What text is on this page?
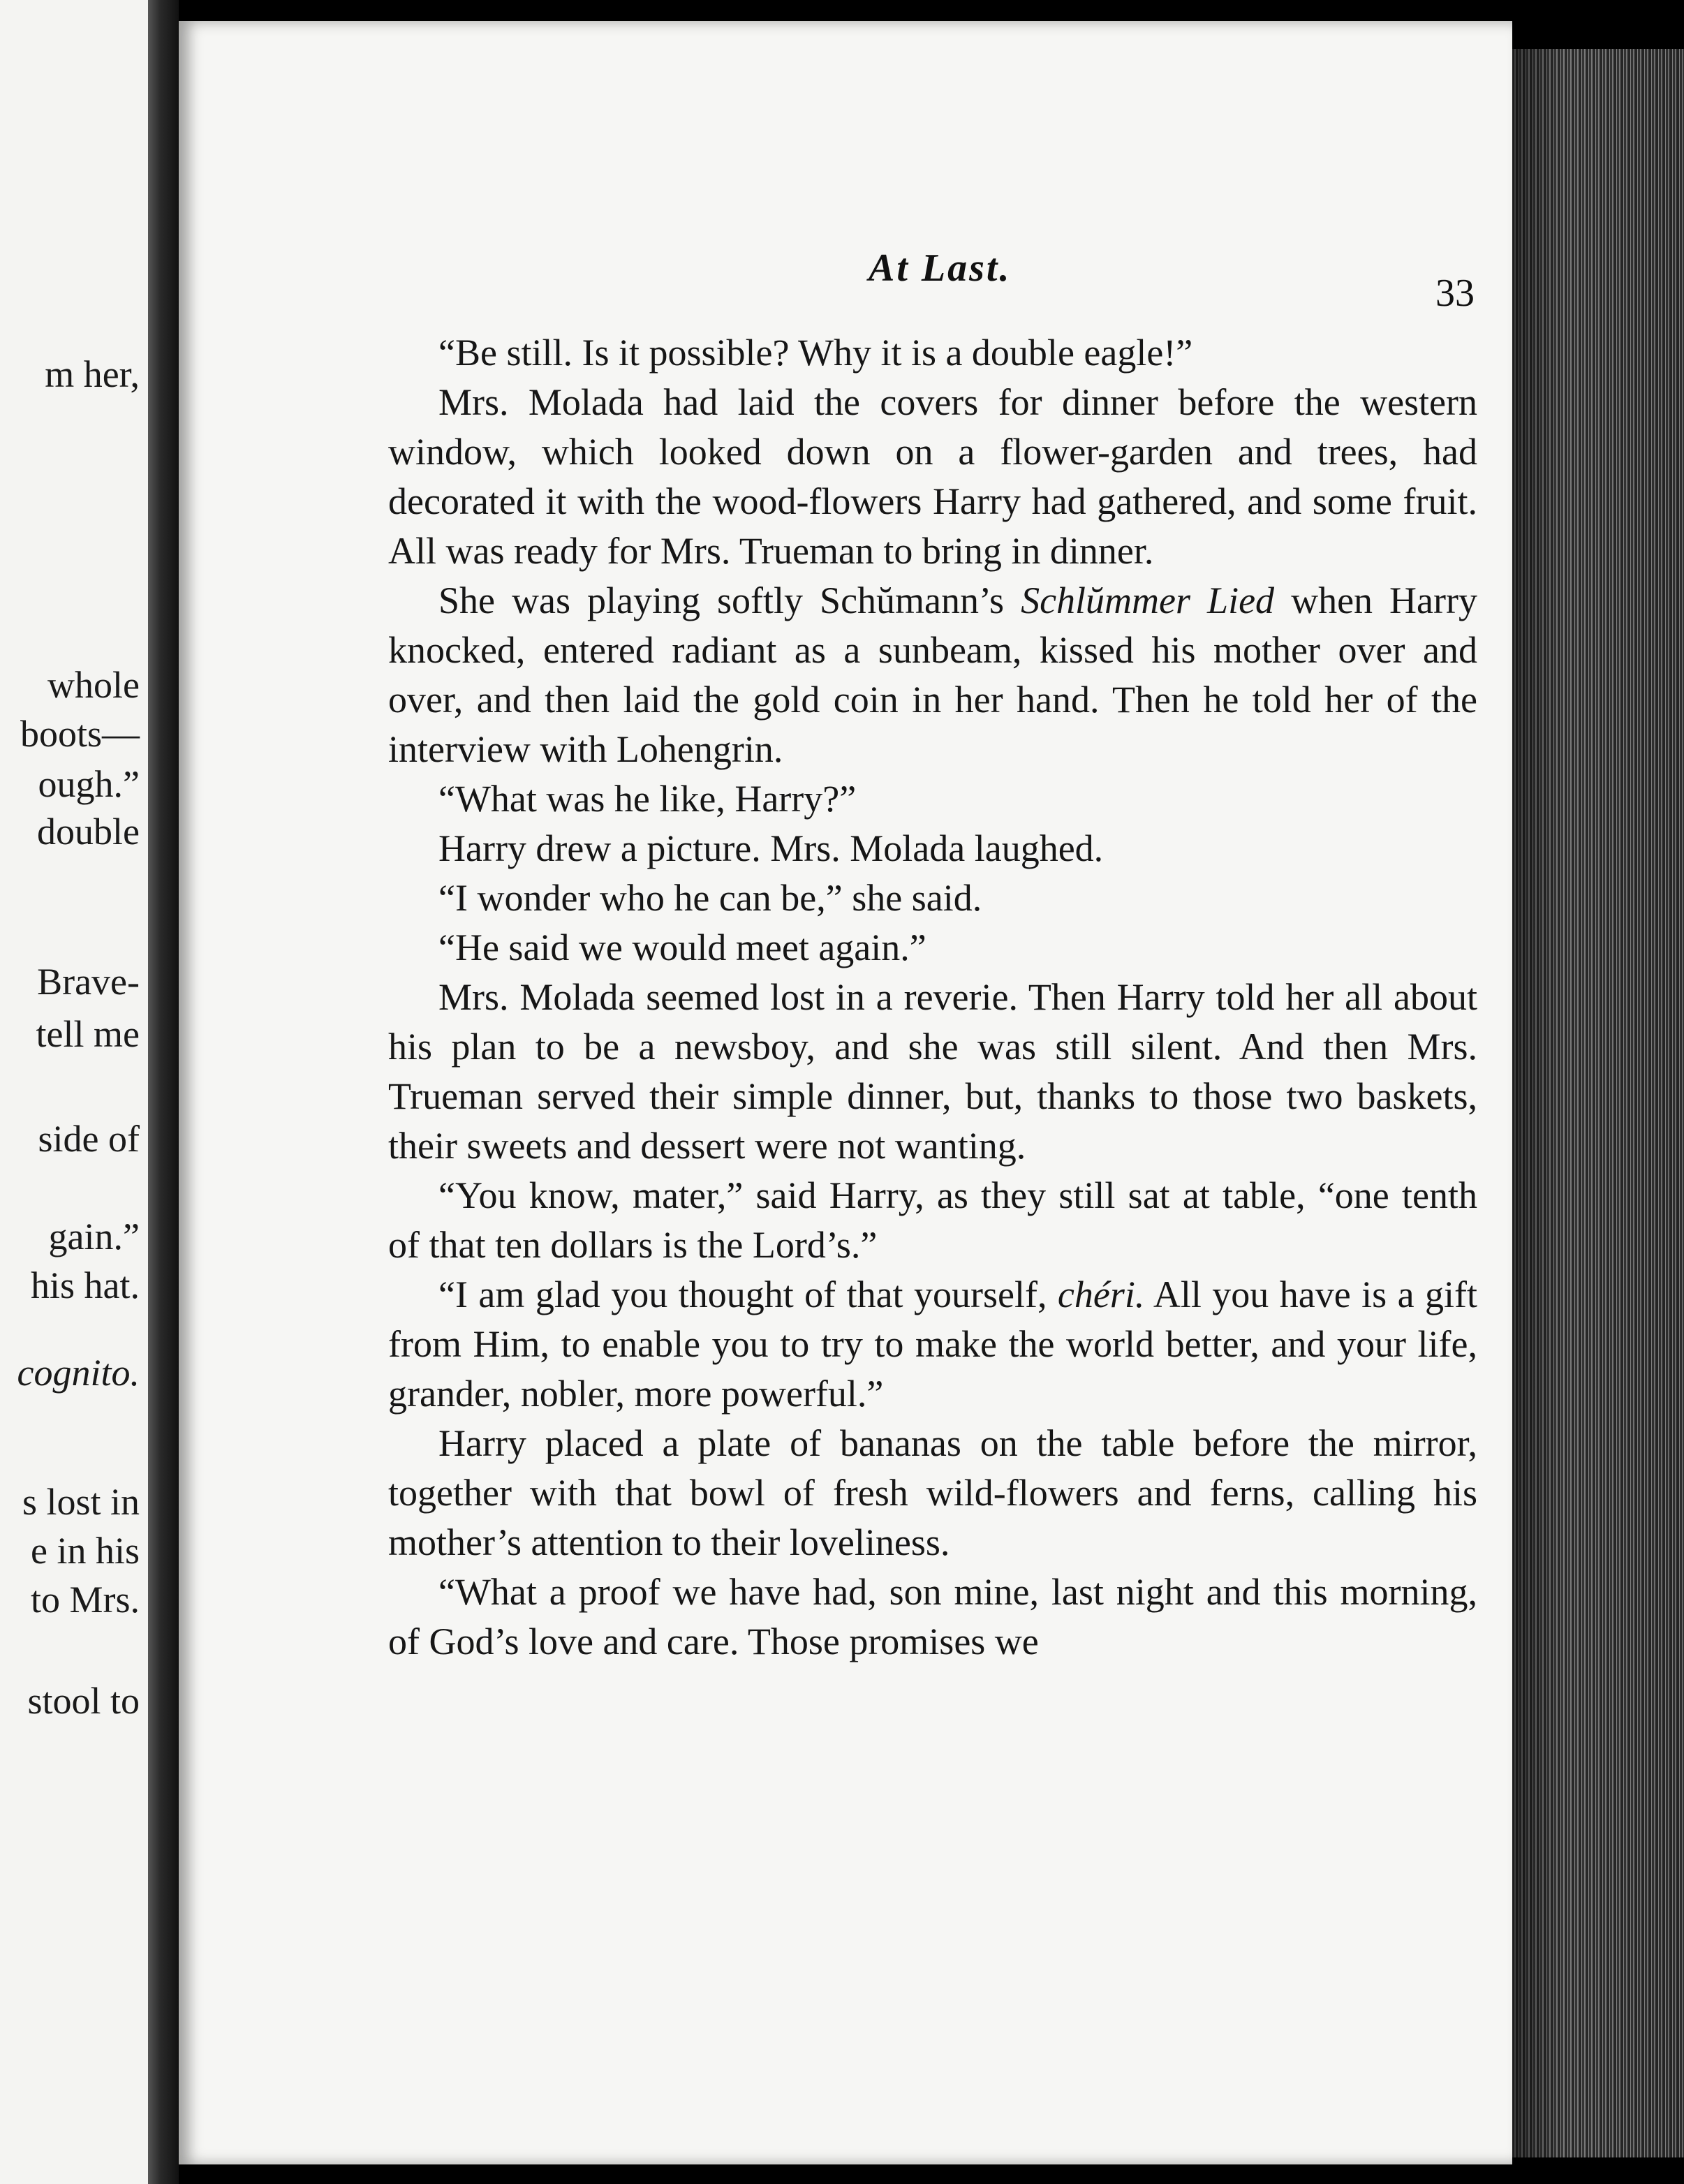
m her,
whole
boots—
ough.”
double
Brave-
tell me
side of
gain.”
his hat.
cognito.
s lost in
e in his
to Mrs.
stool to
At Last.
33

“Be still. Is it possible? Why it is a double eagle!”

Mrs. Molada had laid the covers for dinner before the western window, which looked down on a flower-garden and trees, had decorated it with the wood-flowers Harry had gathered, and some fruit. All was ready for Mrs. Trueman to bring in dinner.

She was playing softly Schŭmann’s Schlŭmmer Lied when Harry knocked, entered radiant as a sunbeam, kissed his mother over and over, and then laid the gold coin in her hand. Then he told her of the interview with Lohengrin.

“What was he like, Harry?”

Harry drew a picture. Mrs. Molada laughed.

“I wonder who he can be,” she said.

“He said we would meet again.”

Mrs. Molada seemed lost in a reverie. Then Harry told her all about his plan to be a newsboy, and she was still silent. And then Mrs. Trueman served their simple dinner, but, thanks to those two baskets, their sweets and dessert were not wanting.

“You know, mater,” said Harry, as they still sat at table, “one tenth of that ten dollars is the Lord’s.”

“I am glad you thought of that yourself, chéri. All you have is a gift from Him, to enable you to try to make the world better, and your life, grander, nobler, more powerful.”

Harry placed a plate of bananas on the table before the mirror, together with that bowl of fresh wild-flowers and ferns, calling his mother’s attention to their loveliness.

“What a proof we have had, son mine, last night and this morning, of God’s love and care. Those promises we
